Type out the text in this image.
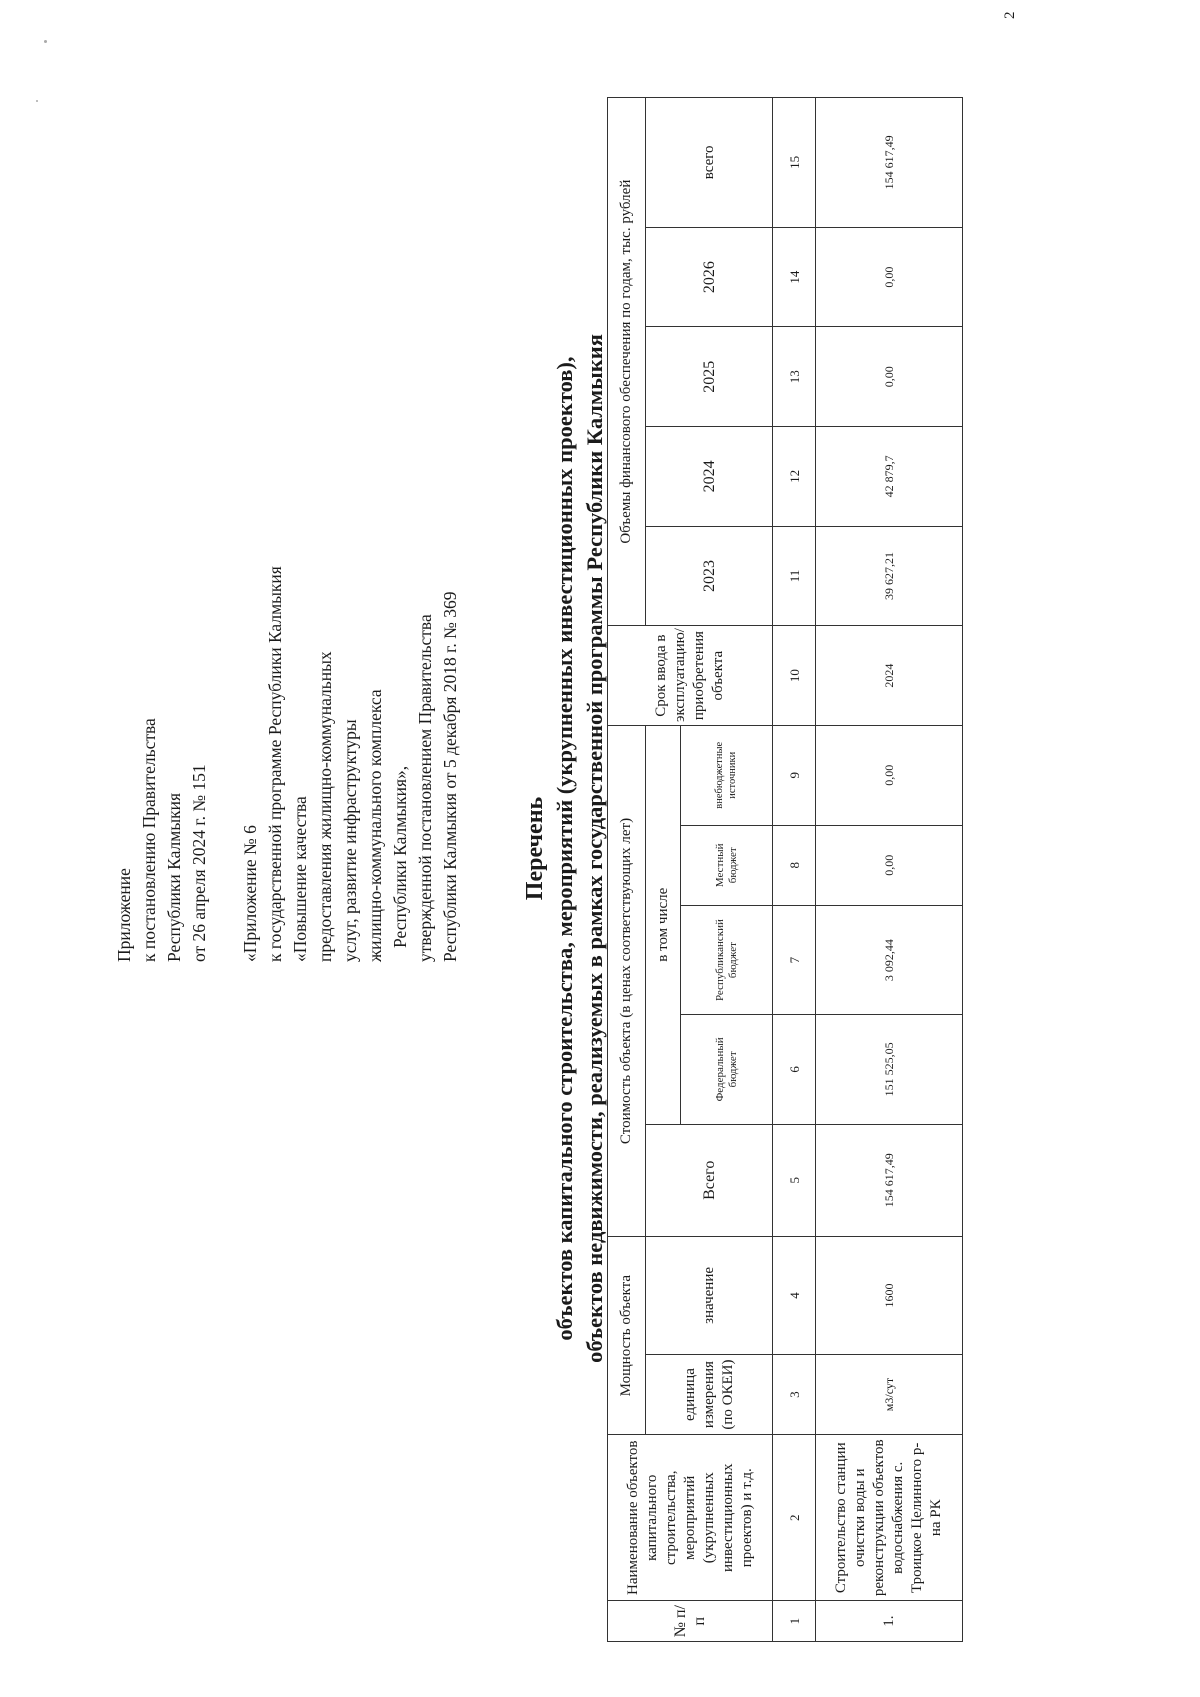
Приложение к постановлению Правительства Республики Калмыкия от 26 апреля 2024 г. № 151 «Приложение № 6 к государственной программе Республики Калмыкия «Повышение качества предоставления жилищно-коммунальных услуг, развитие инфраструктуры жилищно-коммунального комплекса Республики Калмыкия», утвержденной постановлением Правительства Республики Калмыкия от 5 декабря 2018 г. № 369	Перечень объектов капитального строительства, мероприятий (укрупненных инвестиционных проектов), объектов недвижимости, реализуемых в рамках государственной программы Республики Калмыкия
№ п/п	Наименование объектов капитального строительства, мероприятий (укрупненных инвестиционных проектов) и т.д.	Мощность объекта		Стоимость объекта (в ценах соответствующих лет)					Срок ввода в эксплуатацию/приобретения объекта	Объемы финансового обеспечения по годам, тыс. рублей				
		единица измерения (по ОКЕИ)	значение	Всего	в том числе					2023	2024	2025	2026	всего
					Федеральный бюджет	Республиканский бюджет	Местный бюджет	внебюджетные источники						
1	2	3	4	5	6	7	8	9	10	11	12	13	14	15
1.	Строительство станции очистки воды и реконструкции объектов водоснабжения с. Троицкое Целинного р-на РК	м3/сут	1600	154 617,49	151 525,05	3 092,44	0,00	0,00	2024	39 627,21	42 879,7	0,00	0,00	154 617,49
2
